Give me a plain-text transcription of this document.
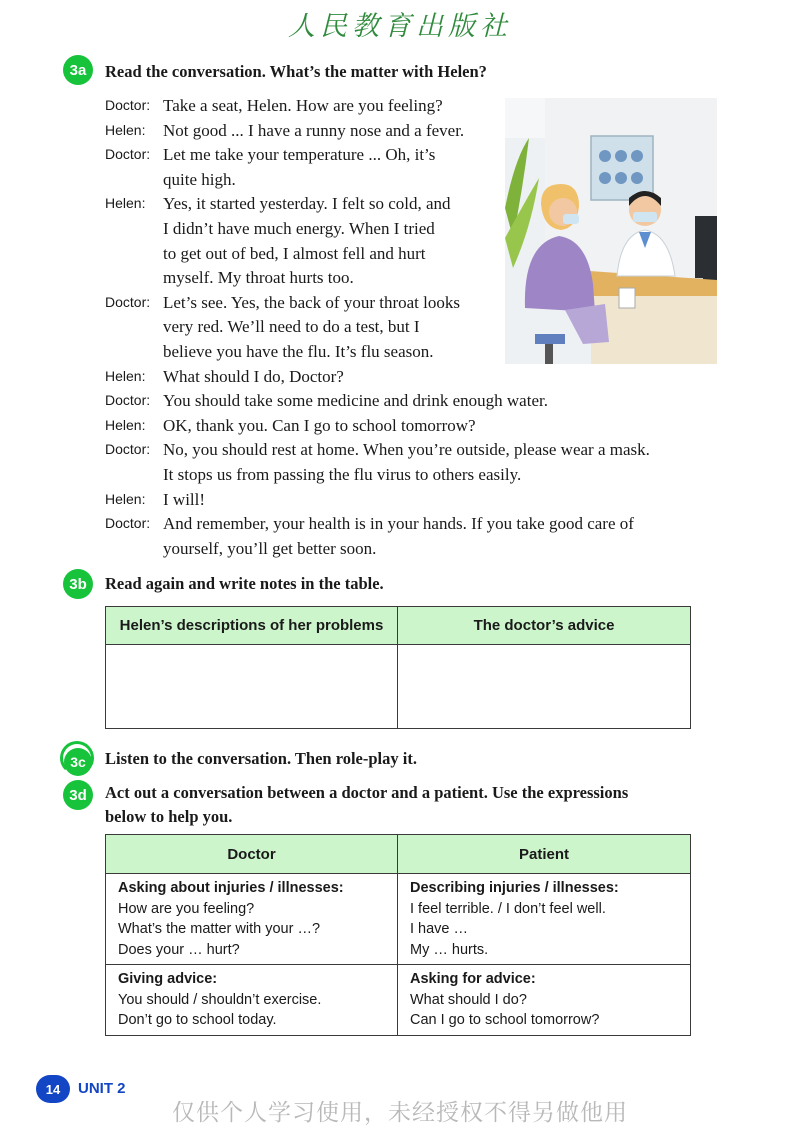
人民教育出版社
3a	Read the conversation. What’s the matter with Helen?
Doctor: Take a seat, Helen. How are you feeling?
Helen: Not good ... I have a runny nose and a fever.
Doctor: Let me take your temperature ... Oh, it’s
quite high.
Helen: Yes, it started yesterday. I felt so cold, and
I didn’t have much energy. When I tried
to get out of bed, I almost fell and hurt
myself. My throat hurts too.
Doctor: Let’s see. Yes, the back of your throat looks
very red. We’ll need to do a test, but I
believe you have the flu. It’s flu season.
Helen: What should I do, Doctor?
Doctor: You should take some medicine and drink enough water.
Helen: OK, thank you. Can I go to school tomorrow?
Doctor: No, you should rest at home. When you’re outside, please wear a mask.
It stops us from passing the flu virus to others easily.
Helen: I will!
Doctor: And remember, your health is in your hands. If you take good care of
yourself, you’ll get better soon.
3b	Read again and write notes in the table.
Helen’s descriptions of her problems	The doctor’s advice

3c	Listen to the conversation. Then role-play it.
3d	Act out a conversation between a doctor and a patient. Use the expressions
below to help you.
Doctor	Patient

Asking about injuries / illnesses:
How are you feeling?
What’s the matter with your …?
Does your … hurt?	Describing injuries / illnesses:
I feel terrible. / I don’t feel well.
I have …
My … hurts.

Giving advice:
You should / shouldn’t exercise.
Don’t go to school today.	Asking for advice:
What should I do?
Can I go to school tomorrow?
14	UNIT 2
仅供个人学习使用，未经授权不得另做他用
